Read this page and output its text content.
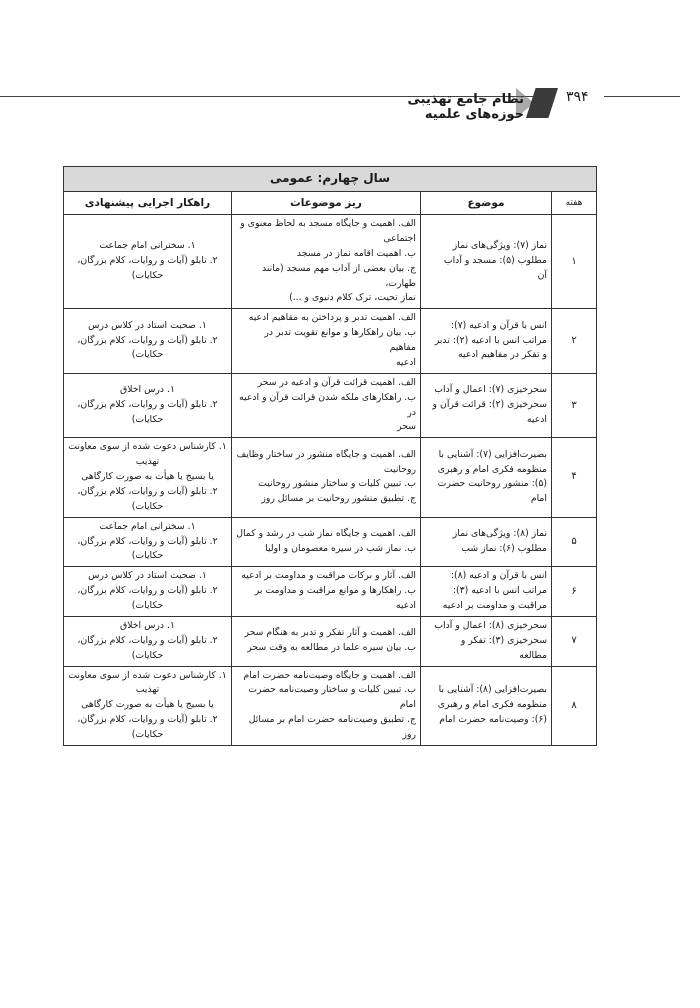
نظام جامع تهذیبی حوزه‌های علمیه
۳۹۴
سال چهارم: عمومی			
هفته	موضوع	ریز موضوعات	راهکار اجرایی پیشنهادی
۱	نماز (۷): ویژگی‌های نماز
مطلوب (۵): مسجد و آداب
آن	الف. اهمیت و جایگاه مسجد به لحاظ معنوی و
اجتماعی
ب. اهمیت اقامه نماز در مسجد
ج. بیان بعضی از آداب مهم مسجد (مانند طهارت،
نماز تحیت، ترک کلام دنیوی و ...)	۱. سخنرانی امام جماعت
۲. تابلو (آیات و روایات، کلام بزرگان، حکایات)

۲	انس با قرآن و ادعیه (۷):
مراتب انس با ادعیه (۲): تدبر
و تفکر در مفاهیم ادعیه	الف. اهمیت تدبر و پرداختن به مفاهیم ادعیه
ب. بیان راهکارها و موانع تقویت تدبر در مفاهیم
ادعیه	۱. صحبت استاد در کلاس درس
۲. تابلو (آیات و روایات، کلام بزرگان، حکایات)

۳	سحرخیزی (۷): اعمال و آداب
سحرخیزی (۲): قرائت قرآن و
ادعیه	الف. اهمیت قرائت قرآن و ادعیه در سحر
ب. راهکارهای ملکه شدن قرائت قرآن و ادعیه در
سحر	۱. درس اخلاق
۲. تابلو (آیات و روایات، کلام بزرگان، حکایات)

۴	بصیرت‌افزایی (۷): آشنایی با
منظومه فکری امام و رهبری
(۵): منشور روحانیت حضرت
امام	الف. اهمیت و جایگاه منشور در ساختار وظایف
روحانیت
ب. تبیین کلیات و ساختار منشور روحانیت
ج. تطبیق منشور روحانیت بر مسائل روز	۱. کارشناس دعوت شده از سوی معاونت تهذیب
یا بسیج یا هیأت به صورت کارگاهی
۲. تابلو (آیات و روایات، کلام بزرگان، حکایات)

۵	نماز (۸): ویژگی‌های نماز
مطلوب (۶): نماز شب	الف. اهمیت و جایگاه نماز شب در رشد و کمال
ب. نماز شب در سیره معصومان و اولیا	۱. سخنرانی امام جماعت
۲. تابلو (آیات و روایات، کلام بزرگان، حکایات)

۶	انس با قرآن و ادعیه (۸):
مراتب انس با ادعیه (۳):
مراقبت و مداومت بر ادعیه	الف. آثار و برکات مراقبت و مداومت بر ادعیه
ب. راهکارها و موانع مراقبت و مداومت بر
ادعیه	۱. صحبت استاد در کلاس درس
۲. تابلو (آیات و روایات، کلام بزرگان، حکایات)

۷	سحرخیزی (۸): اعمال و آداب
سحرخیزی (۳): تفکر و
مطالعه	الف. اهمیت و آثار تفکر و تدبر به هنگام سحر
ب. بیان سیره علما در مطالعه به وقت سحر	۱. درس اخلاق
۲. تابلو (آیات و روایات، کلام بزرگان، حکایات)

۸	بصیرت‌افزایی (۸): آشنایی با
منظومه فکری امام و رهبری
(۶): وصیت‌نامه حضرت امام	الف. اهمیت و جایگاه وصیت‌نامه حضرت امام
ب. تبیین کلیات و ساختار وصیت‌نامه حضرت امام
ج. تطبیق وصیت‌نامه حضرت امام بر مسائل روز	۱. کارشناس دعوت شده از سوی معاونت تهذیب
یا بسیج یا هیأت به صورت کارگاهی
۲. تابلو (آیات و روایات، کلام بزرگان، حکایات)
